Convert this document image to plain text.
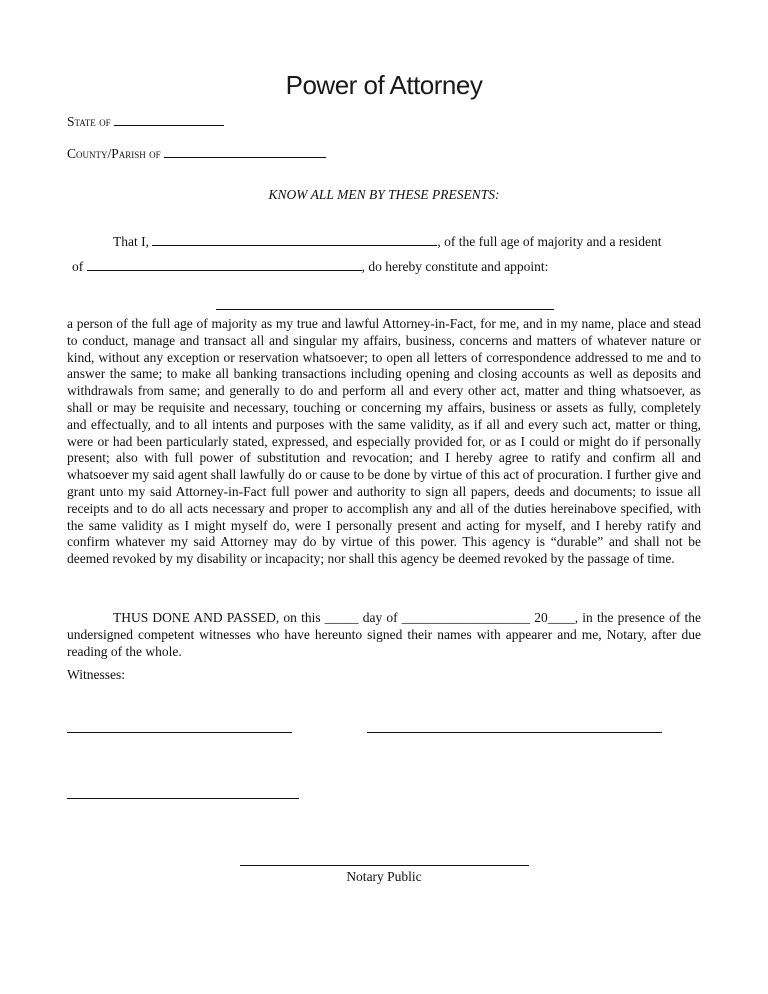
Power of Attorney
State of
County/Parish of
KNOW ALL MEN BY THESE PRESENTS:
That I,	, of the full age of majority and a resident
of	, do hereby constitute and appoint:

a person of the full age of majority as my true and lawful Attorney-in-Fact, for me, and in my name, place and stead to conduct, manage and transact all and singular my affairs, business, concerns and matters of whatever nature or kind, without any exception or reservation whatsoever; to open all letters of correspondence addressed to me and to answer the same; to make all banking transactions including opening and closing accounts as well as deposits and withdrawals from same; and generally to do and perform all and every other act, matter and thing whatsoever, as shall or may be requisite and necessary, touching or concerning my affairs, business or assets as fully, completely and effectually, and to all intents and purposes with the same validity, as if all and every such act, matter or thing, were or had been particularly stated, expressed, and especially provided for, or as I could or might do if personally present; also with full power of substitution and revocation; and I hereby agree to ratify and confirm all and whatsoever my said agent shall lawfully do or cause to be done by virtue of this act of procuration. I further give and grant unto my said Attorney-in-Fact full power and authority to sign all papers, deeds and documents; to issue all receipts and to do all acts necessary and proper to accomplish any and all of the duties hereinabove specified, with the same validity as I might myself do, were I personally present and acting for myself, and I hereby ratify and confirm whatever my said Attorney may do by virtue of this power. This agency is “durable” and shall not be deemed revoked by my disability or incapacity; nor shall this agency be deemed revoked by the passage of time.

THUS DONE AND PASSED, on this _____ day of ___________________ 20____, in the presence of the undersigned competent witnesses who have hereunto signed their names with appearer and me, Notary, after due reading of the whole.

Witnesses:
Notary Public
